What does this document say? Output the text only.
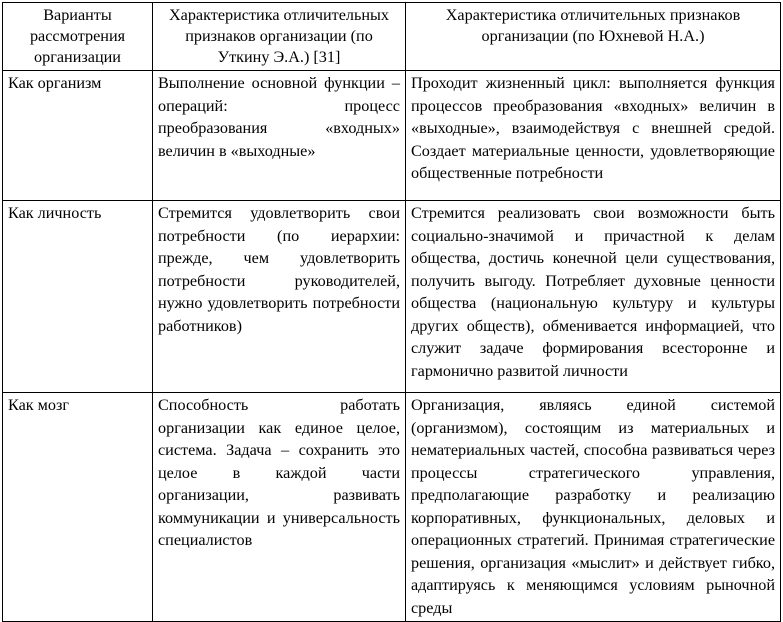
Варианты рассмотрения организации	Характеристика отличительных признаков организации (по Уткину Э.А.) [31]	Характеристика отличительных признаков организации (по Юхневой Н.А.)
Как организм	Выполнение основной функции – операций: процесс преобразования «входных» величин в «выходные»	Проходит жизненный цикл: выполняется функция процессов преобразования «входных» величин в «выходные», взаимодействуя с внешней средой. Создает материальные ценности, удовлетворяющие общественные потребности
Как личность	Стремится удовлетворить свои потребности (по иерархии: прежде, чем удовлетворить потребности руководителей, нужно удовлетворить потребности работников)	Стремится реализовать свои возможности быть социально-значимой и причастной к делам общества, достичь конечной цели существования, получить выгоду. Потребляет духовные ценности общества (национальную культуру и культуры других обществ), обменивается информацией, что служит задаче формирования всесторонне и гармонично развитой личности
Как мозг	Способность работать организации как единое целое, система. Задача – сохранить это целое в каждой части организации, развивать коммуникации и универсальность специалистов	Организация, являясь единой системой (организмом), состоящим из материальных и нематериальных частей, способна развиваться через процессы стратегического управления, предполагающие разработку и реализацию корпоративных, функциональных, деловых и операционных стратегий. Принимая стратегические решения, организация «мыслит» и действует гибко, адаптируясь к меняющимся условиям рыночной среды
